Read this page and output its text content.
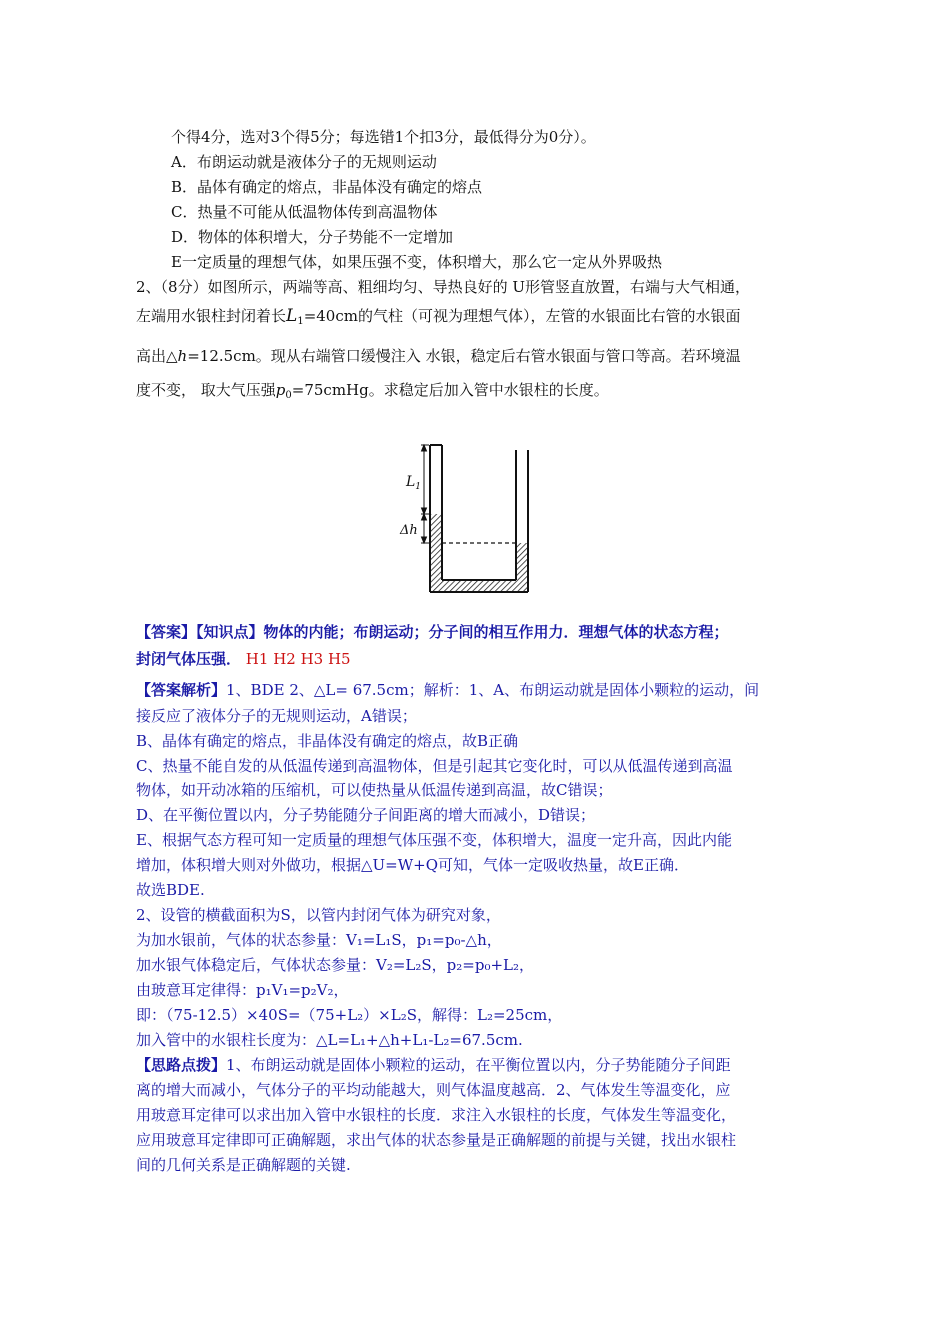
个得4分，选对3个得5分；每选错1个扣3分，最低得分为0分）。
A．布朗运动就是液体分子的无规则运动
B．晶体有确定的熔点，非晶体没有确定的熔点
C．热量不可能从低温物体传到高温物体
D．物体的体积增大，分子势能不一定增加
E一定质量的理想气体，如果压强不变，体积增大，那么它一定从外界吸热
2、（8分）如图所示，两端等高、粗细均匀、导热良好的 U形管竖直放置，右端与大气相通，
左端用水银柱封闭着长$L_1=40cm$的气柱（可视为理想气体），左管的水银面比右管的水银面
高出△h=12.5cm。现从右端管口缓慢注入 水银，稳定后右管水银面与管口等高。若环境温
度不变， 取大气压强$p_0=75cmHg$。求稳定后加入管中水银柱的长度。
$L_1$
Δh
【答案】【知识点】物体的内能；布朗运动；分子间的相互作用力．理想气体的状态方程；
封闭气体压强． H1 H2 H3 H5
【答案解析】1、BDE 2、△L= 67.5cm；解析：1、A、布朗运动就是固体小颗粒的运动，间
接反应了液体分子的无规则运动，A错误；
B、晶体有确定的熔点，非晶体没有确定的熔点，故B正确
C、热量不能自发的从低温传递到高温物体，但是引起其它变化时，可以从低温传递到高温
物体，如开动冰箱的压缩机，可以使热量从低温传递到高温，故C错误；
D、在平衡位置以内，分子势能随分子间距离的增大而减小，D错误；
E、根据气态方程可知一定质量的理想气体压强不变，体积增大，温度一定升高，因此内能
增加，体积增大则对外做功，根据△U=W+Q可知，气体一定吸收热量，故E正确．
故选BDE.
2、设管的横截面积为S，以管内封闭气体为研究对象，
为加水银前，气体的状态参量：V₁=L₁S，p₁=p₀-△h，
加水银气体稳定后，气体状态参量：V₂=L₂S，p₂=p₀+L₂，
由玻意耳定律得：p₁V₁=p₂V₂，
即：（75-12.5）×40S=（75+L₂）×L₂S，解得：L₂=25cm，
加入管中的水银柱长度为：△L=L₁+△h+L₁-L₂=67.5cm.
【思路点拨】1、布朗运动就是固体小颗粒的运动，在平衡位置以内，分子势能随分子间距
离的增大而减小，气体分子的平均动能越大，则气体温度越高．2、气体发生等温变化，应
用玻意耳定律可以求出加入管中水银柱的长度．求注入水银柱的长度，气体发生等温变化，
应用玻意耳定律即可正确解题，求出气体的状态参量是正确解题的前提与关键，找出水银柱
间的几何关系是正确解题的关键.
